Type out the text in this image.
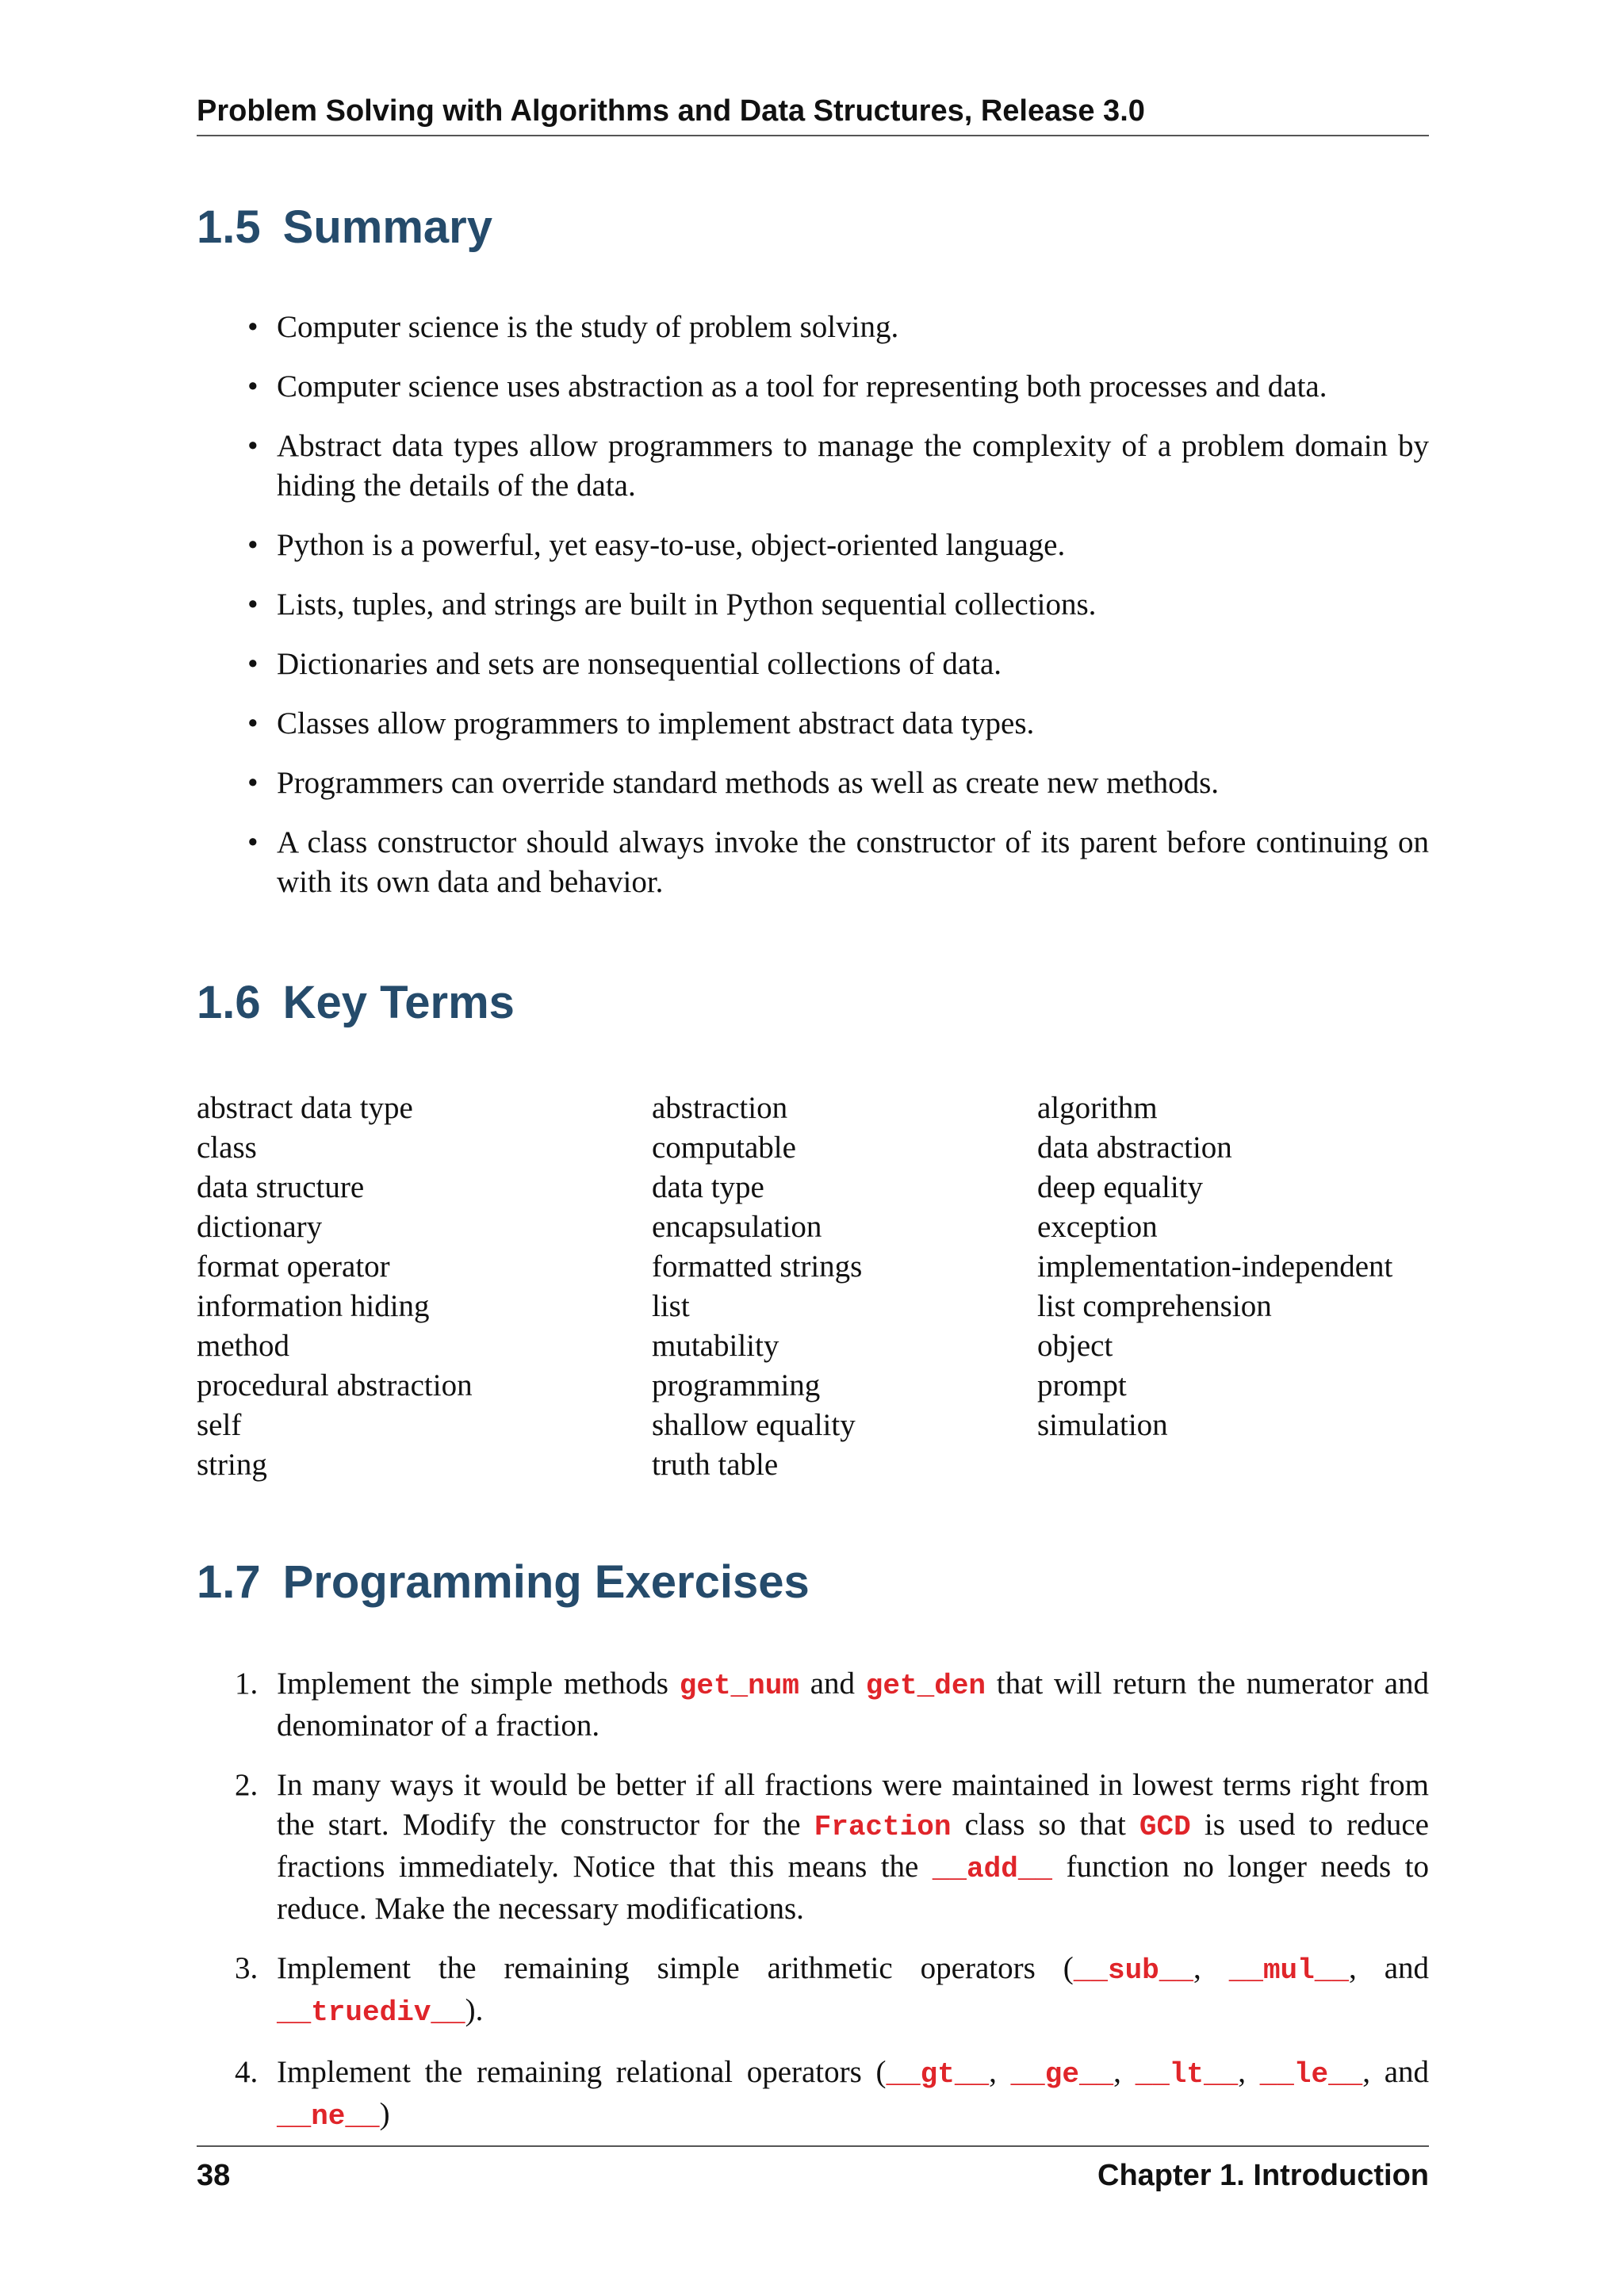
Problem Solving with Algorithms and Data Structures, Release 3.0
1.5 Summary
• Computer science is the study of problem solving.
• Computer science uses abstraction as a tool for representing both processes and data.
• Abstract data types allow programmers to manage the complexity of a problem domain by hiding the details of the data.
• Python is a powerful, yet easy-to-use, object-oriented language.
• Lists, tuples, and strings are built in Python sequential collections.
• Dictionaries and sets are nonsequential collections of data.
• Classes allow programmers to implement abstract data types.
• Programmers can override standard methods as well as create new methods.
• A class constructor should always invoke the constructor of its parent before continuing on with its own data and behavior.
1.6 Key Terms
abstract data type	abstraction	algorithm
class	computable	data abstraction
data structure	data type	deep equality
dictionary	encapsulation	exception
format operator	formatted strings	implementation-independent
information hiding	list	list comprehension
method	mutability	object
procedural abstraction	programming	prompt
self	shallow equality	simulation
string	truth table
1.7 Programming Exercises
1. Implement the simple methods get_num and get_den that will return the numerator and denominator of a fraction.
2. In many ways it would be better if all fractions were maintained in lowest terms right from the start. Modify the constructor for the Fraction class so that GCD is used to reduce fractions immediately. Notice that this means the __add__ function no longer needs to reduce. Make the necessary modifications.
3. Implement the remaining simple arithmetic operators (__sub__, __mul__, and __truediv__).
4. Implement the remaining relational operators (__gt__, __ge__, __lt__, __le__, and __ne__)
38	Chapter 1. Introduction
